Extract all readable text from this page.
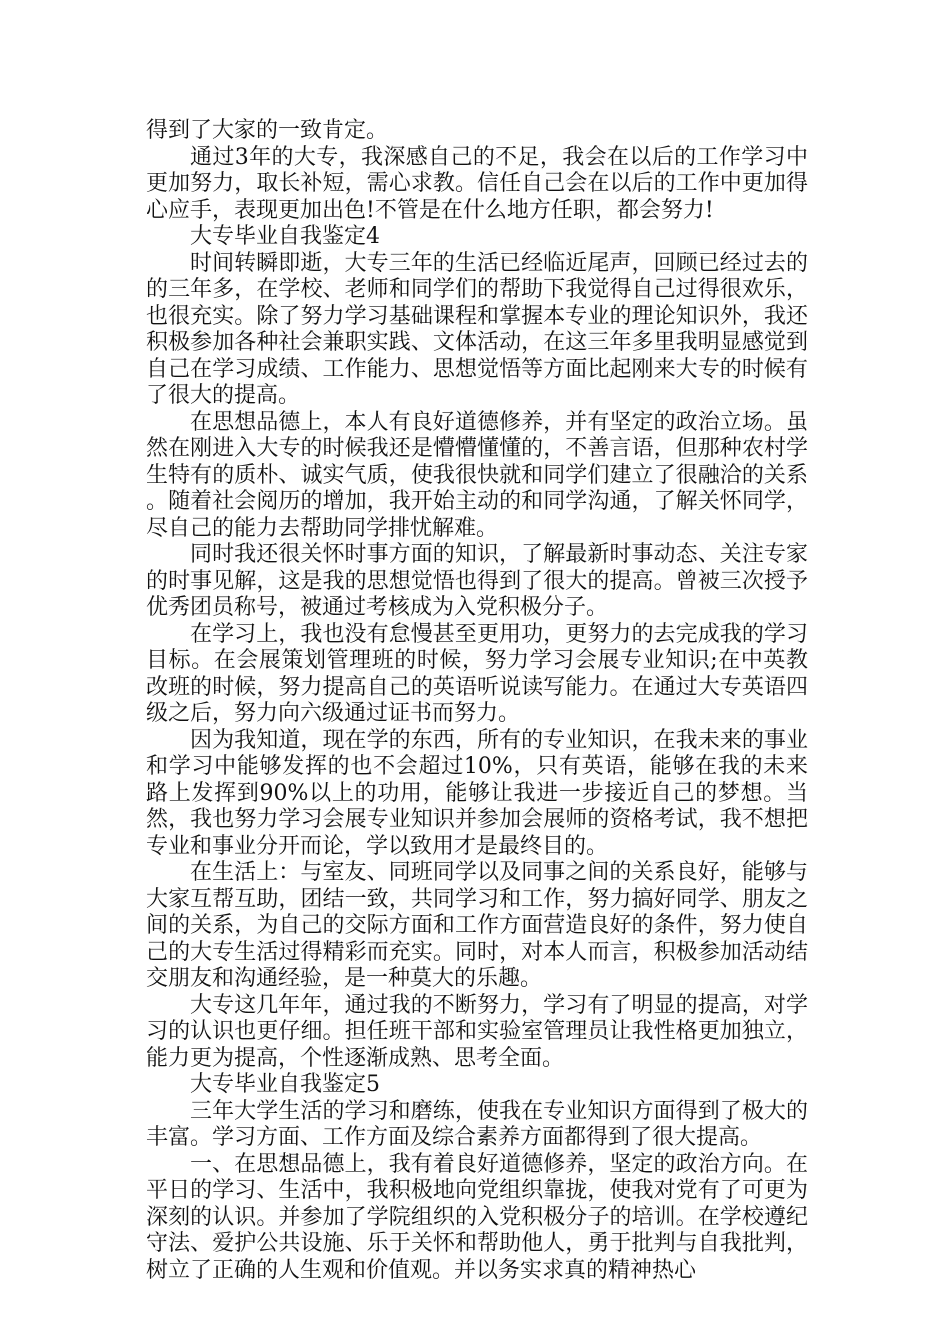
得到了大家的一致肯定。

通过3年的大专，我深感自己的不足，我会在以后的工作学习中更加努力，取长补短，需心求教。信任自己会在以后的工作中更加得心应手，表现更加出色!不管是在什么地方任职，都会努力!

大专毕业自我鉴定4

时间转瞬即逝，大专三年的生活已经临近尾声，回顾已经过去的的三年多，在学校、老师和同学们的帮助下我觉得自己过得很欢乐，也很充实。除了努力学习基础课程和掌握本专业的理论知识外，我还积极参加各种社会兼职实践、文体活动，在这三年多里我明显感觉到自己在学习成绩、工作能力、思想觉悟等方面比起刚来大专的时候有了很大的提高。

在思想品德上，本人有良好道德修养，并有坚定的政治立场。虽然在刚进入大专的时候我还是懵懵懂懂的，不善言语，但那种农村学生特有的质朴、诚实气质，使我很快就和同学们建立了很融洽的关系。随着社会阅历的增加，我开始主动的和同学沟通，了解关怀同学，尽自己的能力去帮助同学排忧解难。

同时我还很关怀时事方面的知识，了解最新时事动态、关注专家的时事见解，这是我的思想觉悟也得到了很大的提高。曾被三次授予优秀团员称号，被通过考核成为入党积极分子。

在学习上，我也没有怠慢甚至更用功，更努力的去完成我的学习目标。在会展策划管理班的时候，努力学习会展专业知识;在中英教改班的时候，努力提高自己的英语听说读写能力。在通过大专英语四级之后，努力向六级通过证书而努力。

因为我知道，现在学的东西，所有的专业知识，在我未来的事业和学习中能够发挥的也不会超过10%，只有英语，能够在我的未来路上发挥到90%以上的功用，能够让我进一步接近自己的梦想。当然，我也努力学习会展专业知识并参加会展师的资格考试，我不想把专业和事业分开而论，学以致用才是最终目的。

在生活上：与室友、同班同学以及同事之间的关系良好，能够与大家互帮互助，团结一致，共同学习和工作，努力搞好同学、朋友之间的关系，为自己的交际方面和工作方面营造良好的条件，努力使自己的大专生活过得精彩而充实。同时，对本人而言，积极参加活动结交朋友和沟通经验，是一种莫大的乐趣。

大专这几年年，通过我的不断努力，学习有了明显的提高，对学习的认识也更仔细。担任班干部和实验室管理员让我性格更加独立，能力更为提高，个性逐渐成熟、思考全面。

大专毕业自我鉴定5

三年大学生活的学习和磨练，使我在专业知识方面得到了极大的丰富。学习方面、工作方面及综合素养方面都得到了很大提高。

一、在思想品德上，我有着良好道德修养，坚定的政治方向。在平日的学习、生活中，我积极地向党组织靠拢，使我对党有了可更为深刻的认识。并参加了学院组织的入党积极分子的培训。在学校遵纪守法、爱护公共设施、乐于关怀和帮助他人，勇于批判与自我批判，树立了正确的人生观和价值观。并以务实求真的精神热心
